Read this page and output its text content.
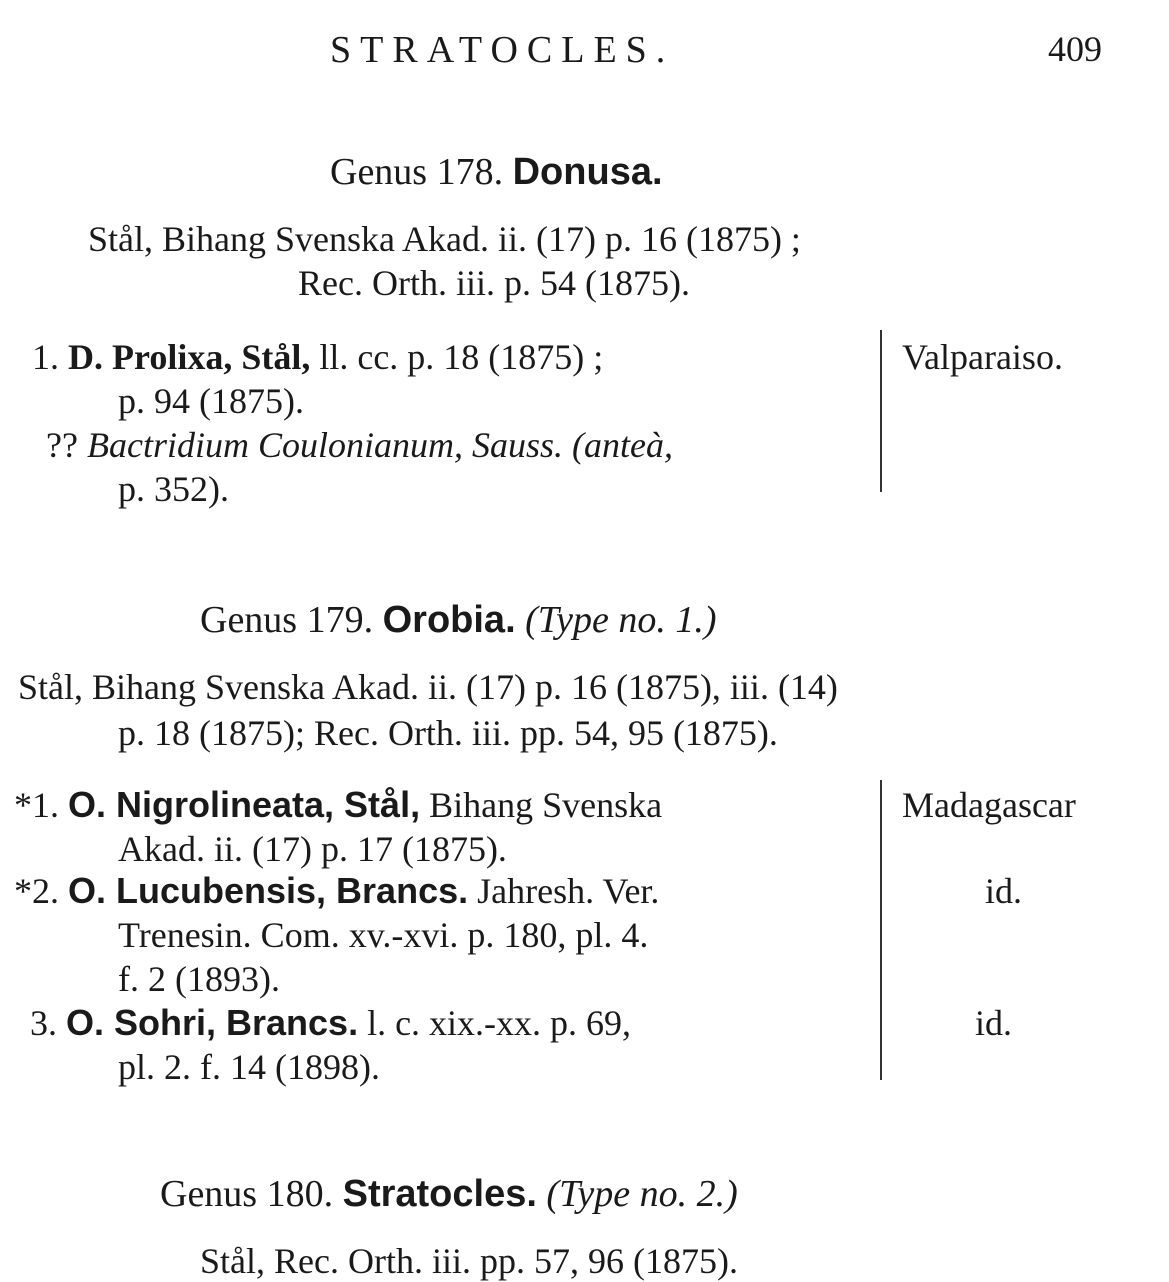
STRATOCLES.	409
Genus 178. Donusa.
Stål, Bihang Svenska Akad. ii. (17) p. 16 (1875) ;
Rec. Orth. iii. p. 54 (1875).
1. D. Prolixa, Stål, ll. cc. p. 18 (1875) ;
p. 94 (1875).
?? Bactridium Coulonianum, Sauss. (anteà,
p. 352).
Valparaiso.
Genus 179. Orobia. (Type no. 1.)
Stål, Bihang Svenska Akad. ii. (17) p. 16 (1875), iii. (14)
p. 18 (1875); Rec. Orth. iii. pp. 54, 95 (1875).
*1. O. Nigrolineata, Stål, Bihang Svenska
Akad. ii. (17) p. 17 (1875).
*2. O. Lucubensis, Brancs. Jahresh. Ver.
Trenesin. Com. xv.-xvi. p. 180, pl. 4.
f. 2 (1893).
3. O. Sohri, Brancs. l. c. xix.-xx. p. 69,
pl. 2. f. 14 (1898).
Madagascar
id.
id.
Genus 180. Stratocles. (Type no. 2.)
Stål, Rec. Orth. iii. pp. 57, 96 (1875).
